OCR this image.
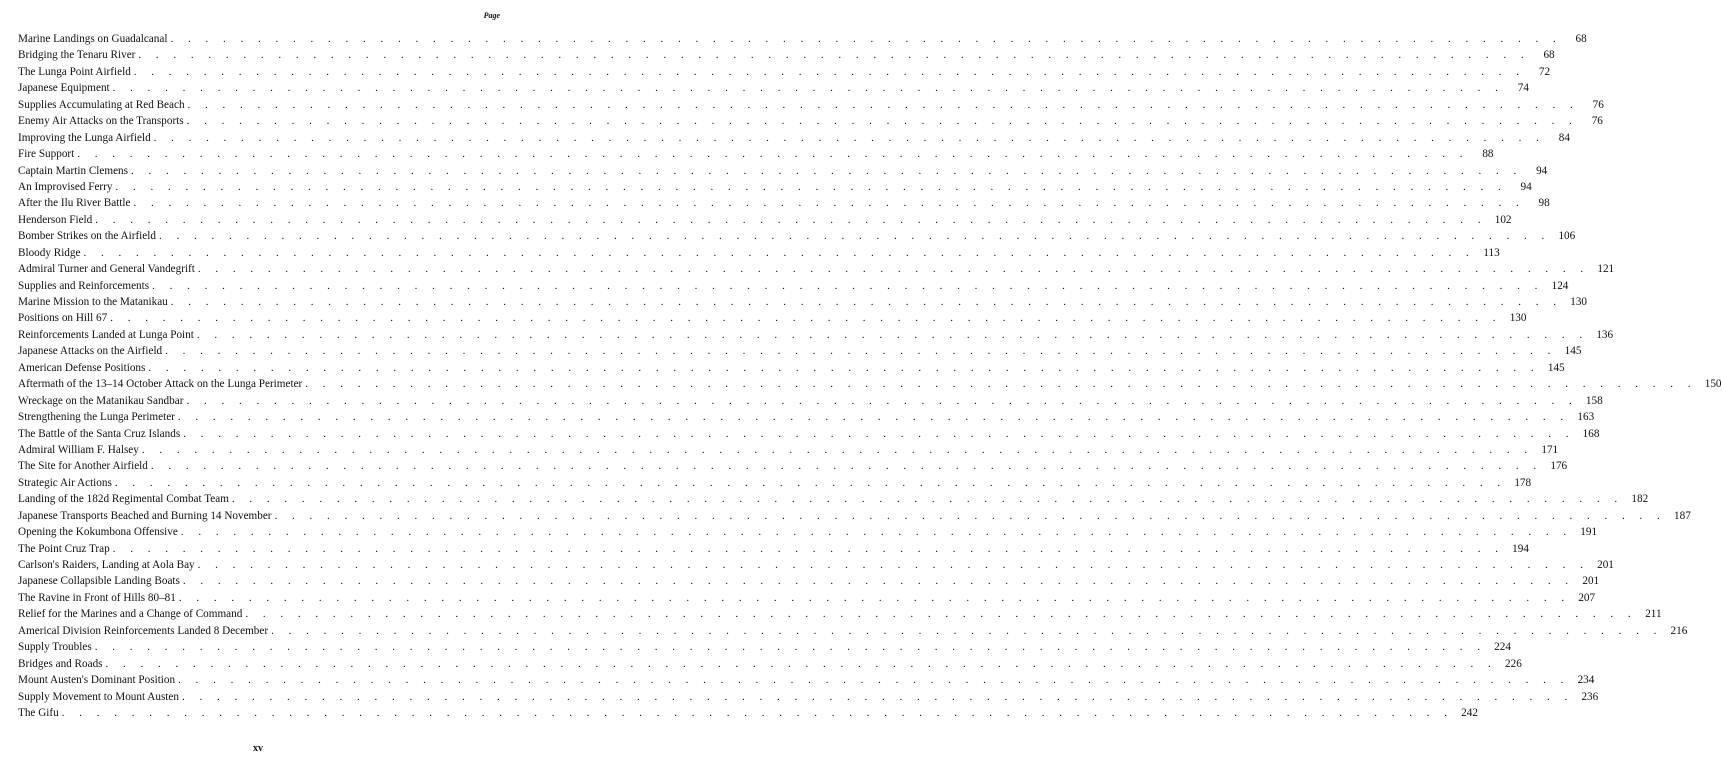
Page
Marine Landings on Guadalcanal . . . . . . . . . . . . . . . . . . . . . . . . . . . . . . . . . . . . . . . . . . . . . . . . . . . . . . . . . . . . . . . . . . . . . . . . . . . . . . . .	68
Bridging the Tenaru River . . . . . . . . . . . . . . . . . . . . . . . . . . . . . . . . . . . . . . . . . . . . . . . . . . . . . . . . . . . . . . . . . . . . . . . . . . . . . . . .	68
The Lunga Point Airfield . . . . . . . . . . . . . . . . . . . . . . . . . . . . . . . . . . . . . . . . . . . . . . . . . . . . . . . . . . . . . . . . . . . . . . . . . . . . . . . .	72
Japanese Equipment . . . . . . . . . . . . . . . . . . . . . . . . . . . . . . . . . . . . . . . . . . . . . . . . . . . . . . . . . . . . . . . . . . . . . . . . . . . . . . . .	74
Supplies Accumulating at Red Beach . . . . . . . . . . . . . . . . . . . . . . . . . . . . . . . . . . . . . . . . . . . . . . . . . . . . . . . . . . . . . . . . . . . . . . . . . . . . . . . .	76
Enemy Air Attacks on the Transports . . . . . . . . . . . . . . . . . . . . . . . . . . . . . . . . . . . . . . . . . . . . . . . . . . . . . . . . . . . . . . . . . . . . . . . . . . . . . . . .	76
Improving the Lunga Airfield . . . . . . . . . . . . . . . . . . . . . . . . . . . . . . . . . . . . . . . . . . . . . . . . . . . . . . . . . . . . . . . . . . . . . . . . . . . . . . . .	84
Fire Support . . . . . . . . . . . . . . . . . . . . . . . . . . . . . . . . . . . . . . . . . . . . . . . . . . . . . . . . . . . . . . . . . . . . . . . . . . . . . . . .	88
Captain Martin Clemens . . . . . . . . . . . . . . . . . . . . . . . . . . . . . . . . . . . . . . . . . . . . . . . . . . . . . . . . . . . . . . . . . . . . . . . . . . . . . . . .	94
An Improvised Ferry . . . . . . . . . . . . . . . . . . . . . . . . . . . . . . . . . . . . . . . . . . . . . . . . . . . . . . . . . . . . . . . . . . . . . . . . . . . . . . . .	94
After the Ilu River Battle . . . . . . . . . . . . . . . . . . . . . . . . . . . . . . . . . . . . . . . . . . . . . . . . . . . . . . . . . . . . . . . . . . . . . . . . . . . . . . . .	98
Henderson Field . . . . . . . . . . . . . . . . . . . . . . . . . . . . . . . . . . . . . . . . . . . . . . . . . . . . . . . . . . . . . . . . . . . . . . . . . . . . . . . . 102
Bomber Strikes on the Airfield . . . . . . . . . . . . . . . . . . . . . . . . . . . . . . . . . . . . . . . . . . . . . . . . . . . . . . . . . . . . . . . . . . . . . . . . . . . . . . . . 106
Bloody Ridge . . . . . . . . . . . . . . . . . . . . . . . . . . . . . . . . . . . . . . . . . . . . . . . . . . . . . . . . . . . . . . . . . . . . . . . . . . . . . . . . 113
Admiral Turner and General Vandegrift . . . . . . . . . . . . . . . . . . . . . . . . . . . . . . . . . . . . . . . . . . . . . . . . . . . . . . . . . . . . . . . . . . . . . . . . . . . . . . . . 121
Supplies and Reinforcements . . . . . . . . . . . . . . . . . . . . . . . . . . . . . . . . . . . . . . . . . . . . . . . . . . . . . . . . . . . . . . . . . . . . . . . . . . . . . . . . 124
Marine Mission to the Matanikau . . . . . . . . . . . . . . . . . . . . . . . . . . . . . . . . . . . . . . . . . . . . . . . . . . . . . . . . . . . . . . . . . . . . . . . . . . . . . . . . 130
Positions on Hill 67 . . . . . . . . . . . . . . . . . . . . . . . . . . . . . . . . . . . . . . . . . . . . . . . . . . . . . . . . . . . . . . . . . . . . . . . . . . . . . . . . 130
Reinforcements Landed at Lunga Point . . . . . . . . . . . . . . . . . . . . . . . . . . . . . . . . . . . . . . . . . . . . . . . . . . . . . . . . . . . . . . . . . . . . . . . . . . . . . . . . 136
Japanese Attacks on the Airfield . . . . . . . . . . . . . . . . . . . . . . . . . . . . . . . . . . . . . . . . . . . . . . . . . . . . . . . . . . . . . . . . . . . . . . . . . . . . . . . . 145
American Defense Positions . . . . . . . . . . . . . . . . . . . . . . . . . . . . . . . . . . . . . . . . . . . . . . . . . . . . . . . . . . . . . . . . . . . . . . . . . . . . . . . . 145
Aftermath of the 13–14 October Attack on the Lunga Perimeter . . . . . . . . . . . . . . . . . . . . . . . . . . . . . . . . . . . . . . . . . . . . . . . . . . . . . . . . . . . . . . . . . . . . . . . . . . . . . . . . 150
Wreckage on the Matanikau Sandbar . . . . . . . . . . . . . . . . . . . . . . . . . . . . . . . . . . . . . . . . . . . . . . . . . . . . . . . . . . . . . . . . . . . . . . . . . . . . . . . . 158
Strengthening the Lunga Perimeter . . . . . . . . . . . . . . . . . . . . . . . . . . . . . . . . . . . . . . . . . . . . . . . . . . . . . . . . . . . . . . . . . . . . . . . . . . . . . . . . 163
The Battle of the Santa Cruz Islands . . . . . . . . . . . . . . . . . . . . . . . . . . . . . . . . . . . . . . . . . . . . . . . . . . . . . . . . . . . . . . . . . . . . . . . . . . . . . . . . 168
Admiral William F. Halsey . . . . . . . . . . . . . . . . . . . . . . . . . . . . . . . . . . . . . . . . . . . . . . . . . . . . . . . . . . . . . . . . . . . . . . . . . . . . . . . . 171
The Site for Another Airfield . . . . . . . . . . . . . . . . . . . . . . . . . . . . . . . . . . . . . . . . . . . . . . . . . . . . . . . . . . . . . . . . . . . . . . . . . . . . . . . . 176
Strategic Air Actions . . . . . . . . . . . . . . . . . . . . . . . . . . . . . . . . . . . . . . . . . . . . . . . . . . . . . . . . . . . . . . . . . . . . . . . . . . . . . . . . 178
Landing of the 182d Regimental Combat Team . . . . . . . . . . . . . . . . . . . . . . . . . . . . . . . . . . . . . . . . . . . . . . . . . . . . . . . . . . . . . . . . . . . . . . . . . . . . . . . . 182
Japanese Transports Beached and Burning 14 November . . . . . . . . . . . . . . . . . . . . . . . . . . . . . . . . . . . . . . . . . . . . . . . . . . . . . . . . . . . . . . . . . . . . . . . . . . . . . . . . 187
Opening the Kokumbona Offensive . . . . . . . . . . . . . . . . . . . . . . . . . . . . . . . . . . . . . . . . . . . . . . . . . . . . . . . . . . . . . . . . . . . . . . . . . . . . . . . . 191
The Point Cruz Trap . . . . . . . . . . . . . . . . . . . . . . . . . . . . . . . . . . . . . . . . . . . . . . . . . . . . . . . . . . . . . . . . . . . . . . . . . . . . . . . . 194
Carlson's Raiders, Landing at Aola Bay . . . . . . . . . . . . . . . . . . . . . . . . . . . . . . . . . . . . . . . . . . . . . . . . . . . . . . . . . . . . . . . . . . . . . . . . . . . . . . . . 201
Japanese Collapsible Landing Boats . . . . . . . . . . . . . . . . . . . . . . . . . . . . . . . . . . . . . . . . . . . . . . . . . . . . . . . . . . . . . . . . . . . . . . . . . . . . . . . . 201
The Ravine in Front of Hills 80–81 . . . . . . . . . . . . . . . . . . . . . . . . . . . . . . . . . . . . . . . . . . . . . . . . . . . . . . . . . . . . . . . . . . . . . . . . . . . . . . . . 207
Relief for the Marines and a Change of Command . . . . . . . . . . . . . . . . . . . . . . . . . . . . . . . . . . . . . . . . . . . . . . . . . . . . . . . . . . . . . . . . . . . . . . . . . . . . . . . . 211
Americal Division Reinforcements Landed 8 December . . . . . . . . . . . . . . . . . . . . . . . . . . . . . . . . . . . . . . . . . . . . . . . . . . . . . . . . . . . . . . . . . . . . . . . . . . . . . . . . 216
Supply Troubles . . . . . . . . . . . . . . . . . . . . . . . . . . . . . . . . . . . . . . . . . . . . . . . . . . . . . . . . . . . . . . . . . . . . . . . . . . . . . . . . 224
Bridges and Roads . . . . . . . . . . . . . . . . . . . . . . . . . . . . . . . . . . . . . . . . . . . . . . . . . . . . . . . . . . . . . . . . . . . . . . . . . . . . . . . . 226
Mount Austen's Dominant Position . . . . . . . . . . . . . . . . . . . . . . . . . . . . . . . . . . . . . . . . . . . . . . . . . . . . . . . . . . . . . . . . . . . . . . . . . . . . . . . . 234
Supply Movement to Mount Austen . . . . . . . . . . . . . . . . . . . . . . . . . . . . . . . . . . . . . . . . . . . . . . . . . . . . . . . . . . . . . . . . . . . . . . . . . . . . . . . . 236
The Gifu . . . . . . . . . . . . . . . . . . . . . . . . . . . . . . . . . . . . . . . . . . . . . . . . . . . . . . . . . . . . . . . . . . . . . . . . . . . . . . . . 242
xv
